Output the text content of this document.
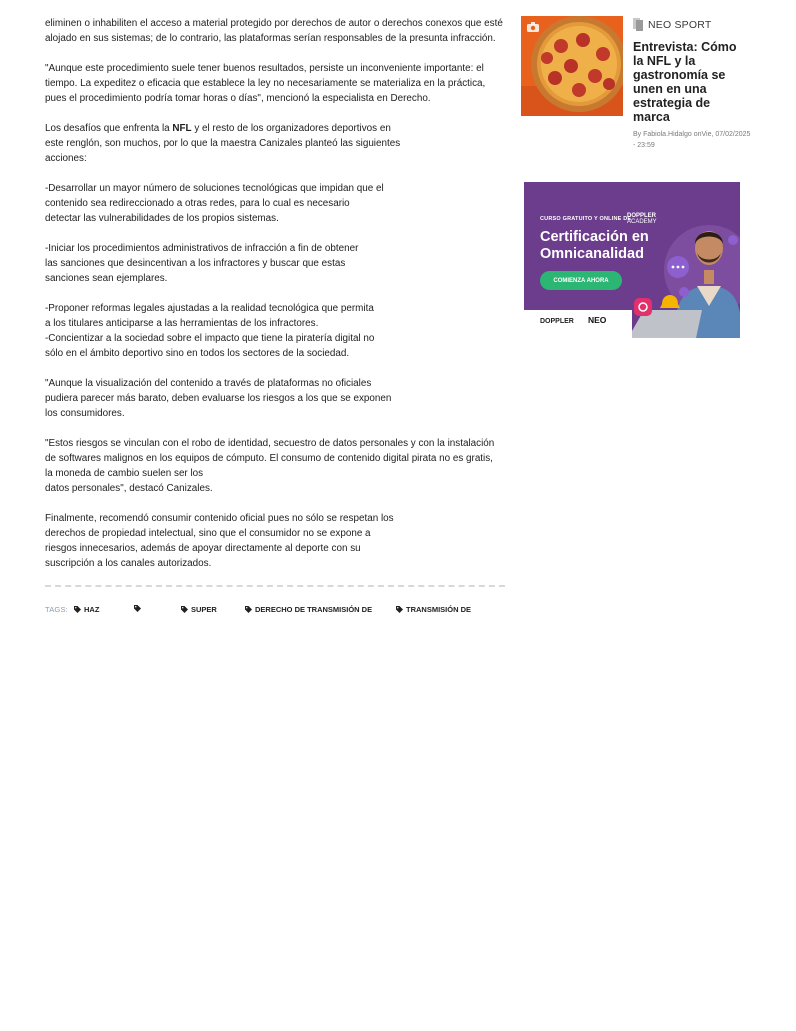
eliminen o inhabiliten el acceso a material protegido por derechos de autor o derechos conexos que esté alojado en sus sistemas; de lo contrario, las plataformas serían responsables de la presunta infracción.

"Aunque este procedimiento suele tener buenos resultados, persiste un inconveniente importante: el tiempo. La expeditez o eficacia que establece la ley no necesariamente se materializa en la práctica, pues el procedimiento podría tomar horas o días", mencionó la especialista en Derecho.

Los desafíos que enfrenta la NFL y el resto de los organizadores deportivos en este renglón, son muchos, por lo que la maestra Canizales planteó las siguientes acciones:

-Desarrollar un mayor número de soluciones tecnológicas que impidan que el contenido sea redireccionado a otras redes, para lo cual es necesario detectar las vulnerabilidades de los propios sistemas.

-Iniciar los procedimientos administrativos de infracción a fin de obtener las sanciones que desincentivan a los infractores y buscar que estas sanciones sean ejemplares.

-Proponer reformas legales ajustadas a la realidad tecnológica que permita a los titulares anticiparse a las herramientas de los infractores.

-Concientizar a la sociedad sobre el impacto que tiene la piratería digital no sólo en el ámbito deportivo sino en todos los sectores de la sociedad.

"Aunque la visualización del contenido a través de plataformas no oficiales pudiera parecer más barato, deben evaluarse los riesgos a los que se exponen los consumidores.

"Estos riesgos se vinculan con el robo de identidad, secuestro de datos personales y con la instalación de softwares malignos en los equipos de cómputo. El consumo de contenido digital pirata no es gratis, la moneda de cambio suelen ser los

datos personales", destacó Canizales.

Finalmente, recomendó consumir contenido oficial pues no sólo se respetan los derechos de propiedad intelectual, sino que el consumidor no se expone a riesgos innecesarios, además de apoyar directamente al deporte con su suscripción a los canales autorizados.

TAGS: HAZ	SUPER	DERECHO DE TRANSMISIÓN DE	TRANSMISIÓN DE
NEO SPORT
Entrevista: Cómo la NFL y la gastronomía se unen en una estrategia de marca
By Fabiola.Hidalgo onVie, 07/02/2025 - 23:59
CURSO GRATUITO Y ONLINE DE
DOPPLER
ACADEMY
Certificación en Omnicanalidad
COMIENZA AHORA
DOPPLER NEO
